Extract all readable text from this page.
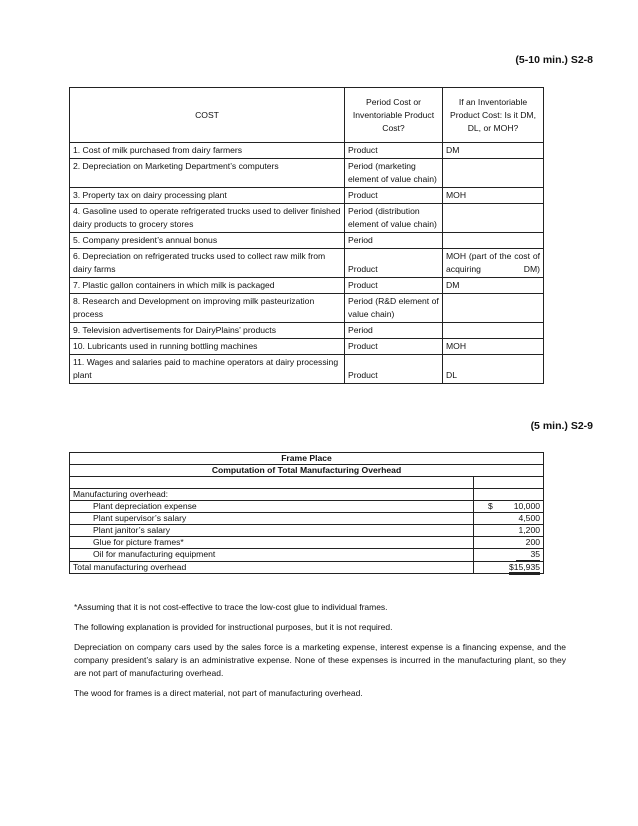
(5-10 min.) S2-8
COST	Period Cost or Inventoriable Product Cost?	If an Inventoriable Product Cost: Is it DM, DL, or MOH?
1. Cost of milk purchased from dairy farmers	Product	DM
2. Depreciation on Marketing Department’s computers	Period (marketing element of value chain)	
3. Property tax on dairy processing plant	Product	MOH
4. Gasoline used to operate refrigerated trucks used to deliver finished dairy products to grocery stores	Period (distribution element of value chain)	
5. Company president’s annual bonus	Period	
6. Depreciation on refrigerated trucks used to collect raw milk from dairy farms	Product	MOH (part of the cost of acquiring DM)
7. Plastic gallon containers in which milk is packaged	Product	DM
8. Research and Development on improving milk pasteurization process	Period (R&D element of value chain)	
9. Television advertisements for DairyPlains’ products	Period	
10. Lubricants used in running bottling machines	Product	MOH
11. Wages and salaries paid to machine operators at dairy processing plant	Product	DL
(5 min.) S2-9
Frame Place	
Computation of Total Manufacturing Overhead	

Manufacturing overhead:	
Plant depreciation expense	$ 10,000
Plant supervisor’s salary	4,500
Plant janitor’s salary	1,200
Glue for picture frames*	200
Oil for manufacturing equipment	35
Total manufacturing overhead	$15,935

*Assuming that it is not cost-effective to trace the low-cost glue to individual frames.

The following explanation is provided for instructional purposes, but it is not required.

Depreciation on company cars used by the sales force is a marketing expense, interest expense is a financing expense, and the company president’s salary is an administrative expense. None of these expenses is incurred in the manufacturing plant, so they are not part of manufacturing overhead.

The wood for frames is a direct material, not part of manufacturing overhead.
